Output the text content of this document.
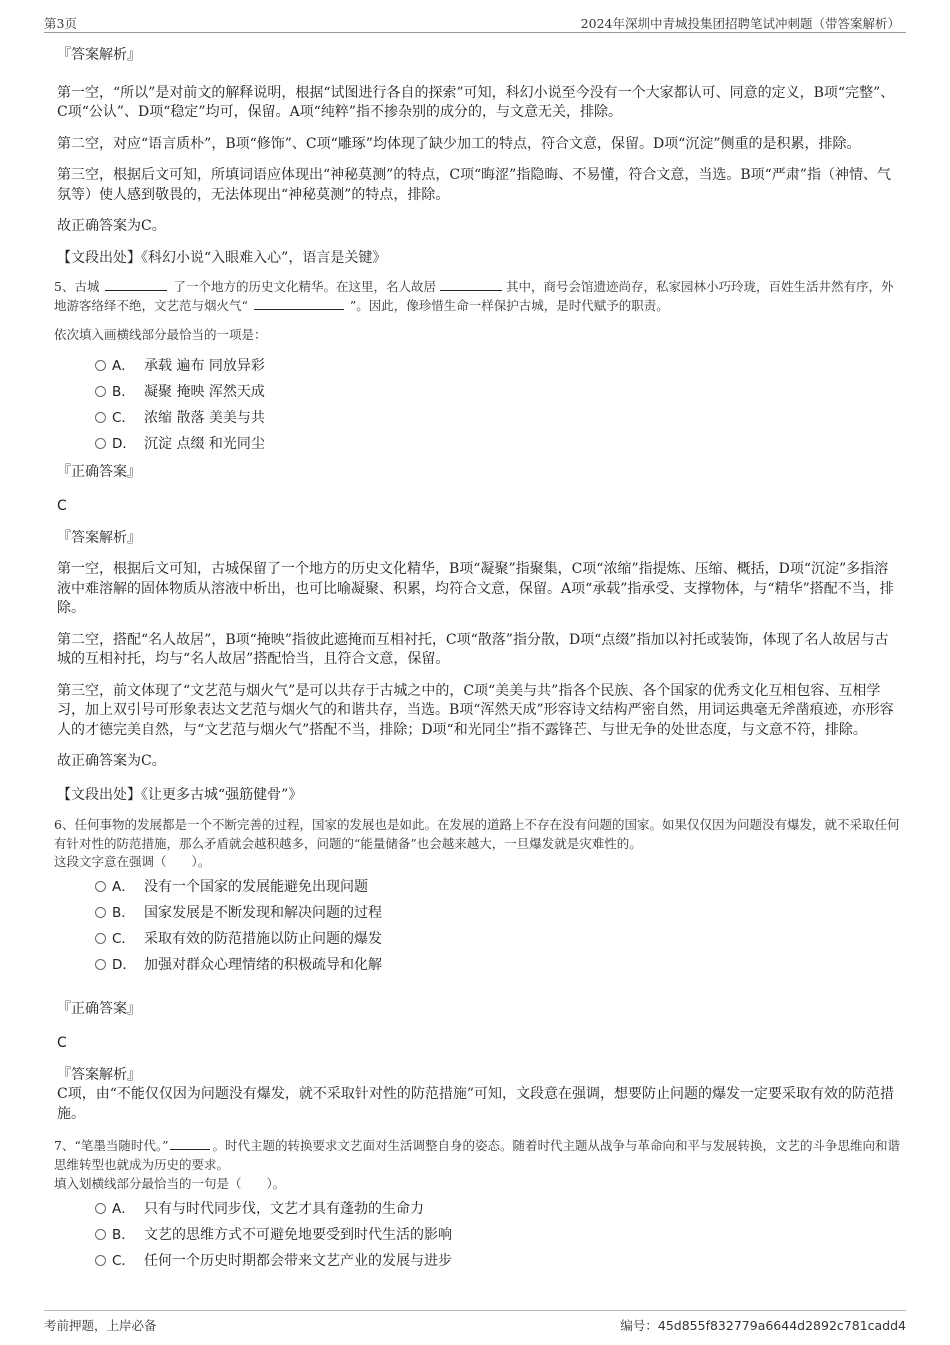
第3页	2024年深圳中青城投集团招聘笔试冲刺题（带答案解析）

『答案解析』

第一空，“所以”是对前文的解释说明，根据“试图进行各自的探索”可知，科幻小说至今没有一个大家都认可、同意的定义，B项“完整”、C项“公认”、D项“稳定”均可，保留。A项“纯粹”指不掺杂别的成分的，与文意无关，排除。

第二空，对应“语言质朴”，B项“修饰”、C项“雕琢”均体现了缺少加工的特点，符合文意，保留。D项“沉淀”侧重的是积累，排除。

第三空，根据后文可知，所填词语应体现出“神秘莫测”的特点，C项“晦涩”指隐晦、不易懂，符合文意，当选。B项“严肃”指（神情、气氛等）使人感到敬畏的，无法体现出“神秘莫测”的特点，排除。

故正确答案为C。

【文段出处】《科幻小说“入眼难入心”，语言是关键》

5、古城	了一个地方的历史文化精华。在这里，名人故居	其中，商号会馆遗迹尚存，私家园林小巧玲珑，百姓生活井然有序，外地游客络绎不绝，文艺范与烟火气“	”。因此，像珍惜生命一样保护古城，是时代赋予的职责。

依次填入画横线部分最恰当的一项是：

A． 承载 遍布 同放异彩
B． 凝聚 掩映 浑然天成
C． 浓缩 散落 美美与共
D． 沉淀 点缀 和光同尘

『正确答案』

C

『答案解析』

第一空，根据后文可知，古城保留了一个地方的历史文化精华，B项“凝聚”指聚集，C项“浓缩”指提炼、压缩、概括，D项“沉淀”多指溶液中难溶解的固体物质从溶液中析出，也可比喻凝聚、积累，均符合文意，保留。A项“承载”指承受、支撑物体，与“精华”搭配不当，排除。

第二空，搭配“名人故居”，B项“掩映”指彼此遮掩而互相衬托，C项“散落”指分散，D项“点缀”指加以衬托或装饰，体现了名人故居与古城的互相衬托，均与“名人故居”搭配恰当，且符合文意，保留。

第三空，前文体现了“文艺范与烟火气”是可以共存于古城之中的，C项“美美与共”指各个民族、各个国家的优秀文化互相包容、互相学习，加上双引号可形象表达文艺范与烟火气的和谐共存，当选。B项“浑然天成”形容诗文结构严密自然，用词运典毫无斧凿痕迹，亦形容人的才德完美自然，与“文艺范与烟火气”搭配不当，排除；D项“和光同尘”指不露锋芒、与世无争的处世态度，与文意不符，排除。

故正确答案为C。

【文段出处】《让更多古城“强筋健骨”》

6、任何事物的发展都是一个不断完善的过程，国家的发展也是如此。在发展的道路上不存在没有问题的国家。如果仅仅因为问题没有爆发，就不采取任何有针对性的防范措施，那么矛盾就会越积越多，问题的“能量储备”也会越来越大，一旦爆发就是灾难性的。

这段文字意在强调（　　）。

A． 没有一个国家的发展能避免出现问题
B． 国家发展是不断发现和解决问题的过程
C． 采取有效的防范措施以防止问题的爆发
D． 加强对群众心理情绪的积极疏导和化解

『正确答案』

C

『答案解析』

C项，由“不能仅仅因为问题没有爆发，就不采取针对性的防范措施”可知，文段意在强调，想要防止问题的爆发一定要采取有效的防范措施。

7、“笔墨当随时代。”	。时代主题的转换要求文艺面对生活调整自身的姿态。随着时代主题从战争与革命向和平与发展转换，文艺的斗争思维向和谐思维转型也就成为历史的要求。

填入划横线部分最恰当的一句是（　　）。

A． 只有与时代同步伐，文艺才具有蓬勃的生命力
B． 文艺的思维方式不可避免地要受到时代生活的影响
C． 任何一个历史时期都会带来文艺产业的发展与进步
考前押题，上岸必备	编号：45d855f832779a6644d2892c781cadd4
